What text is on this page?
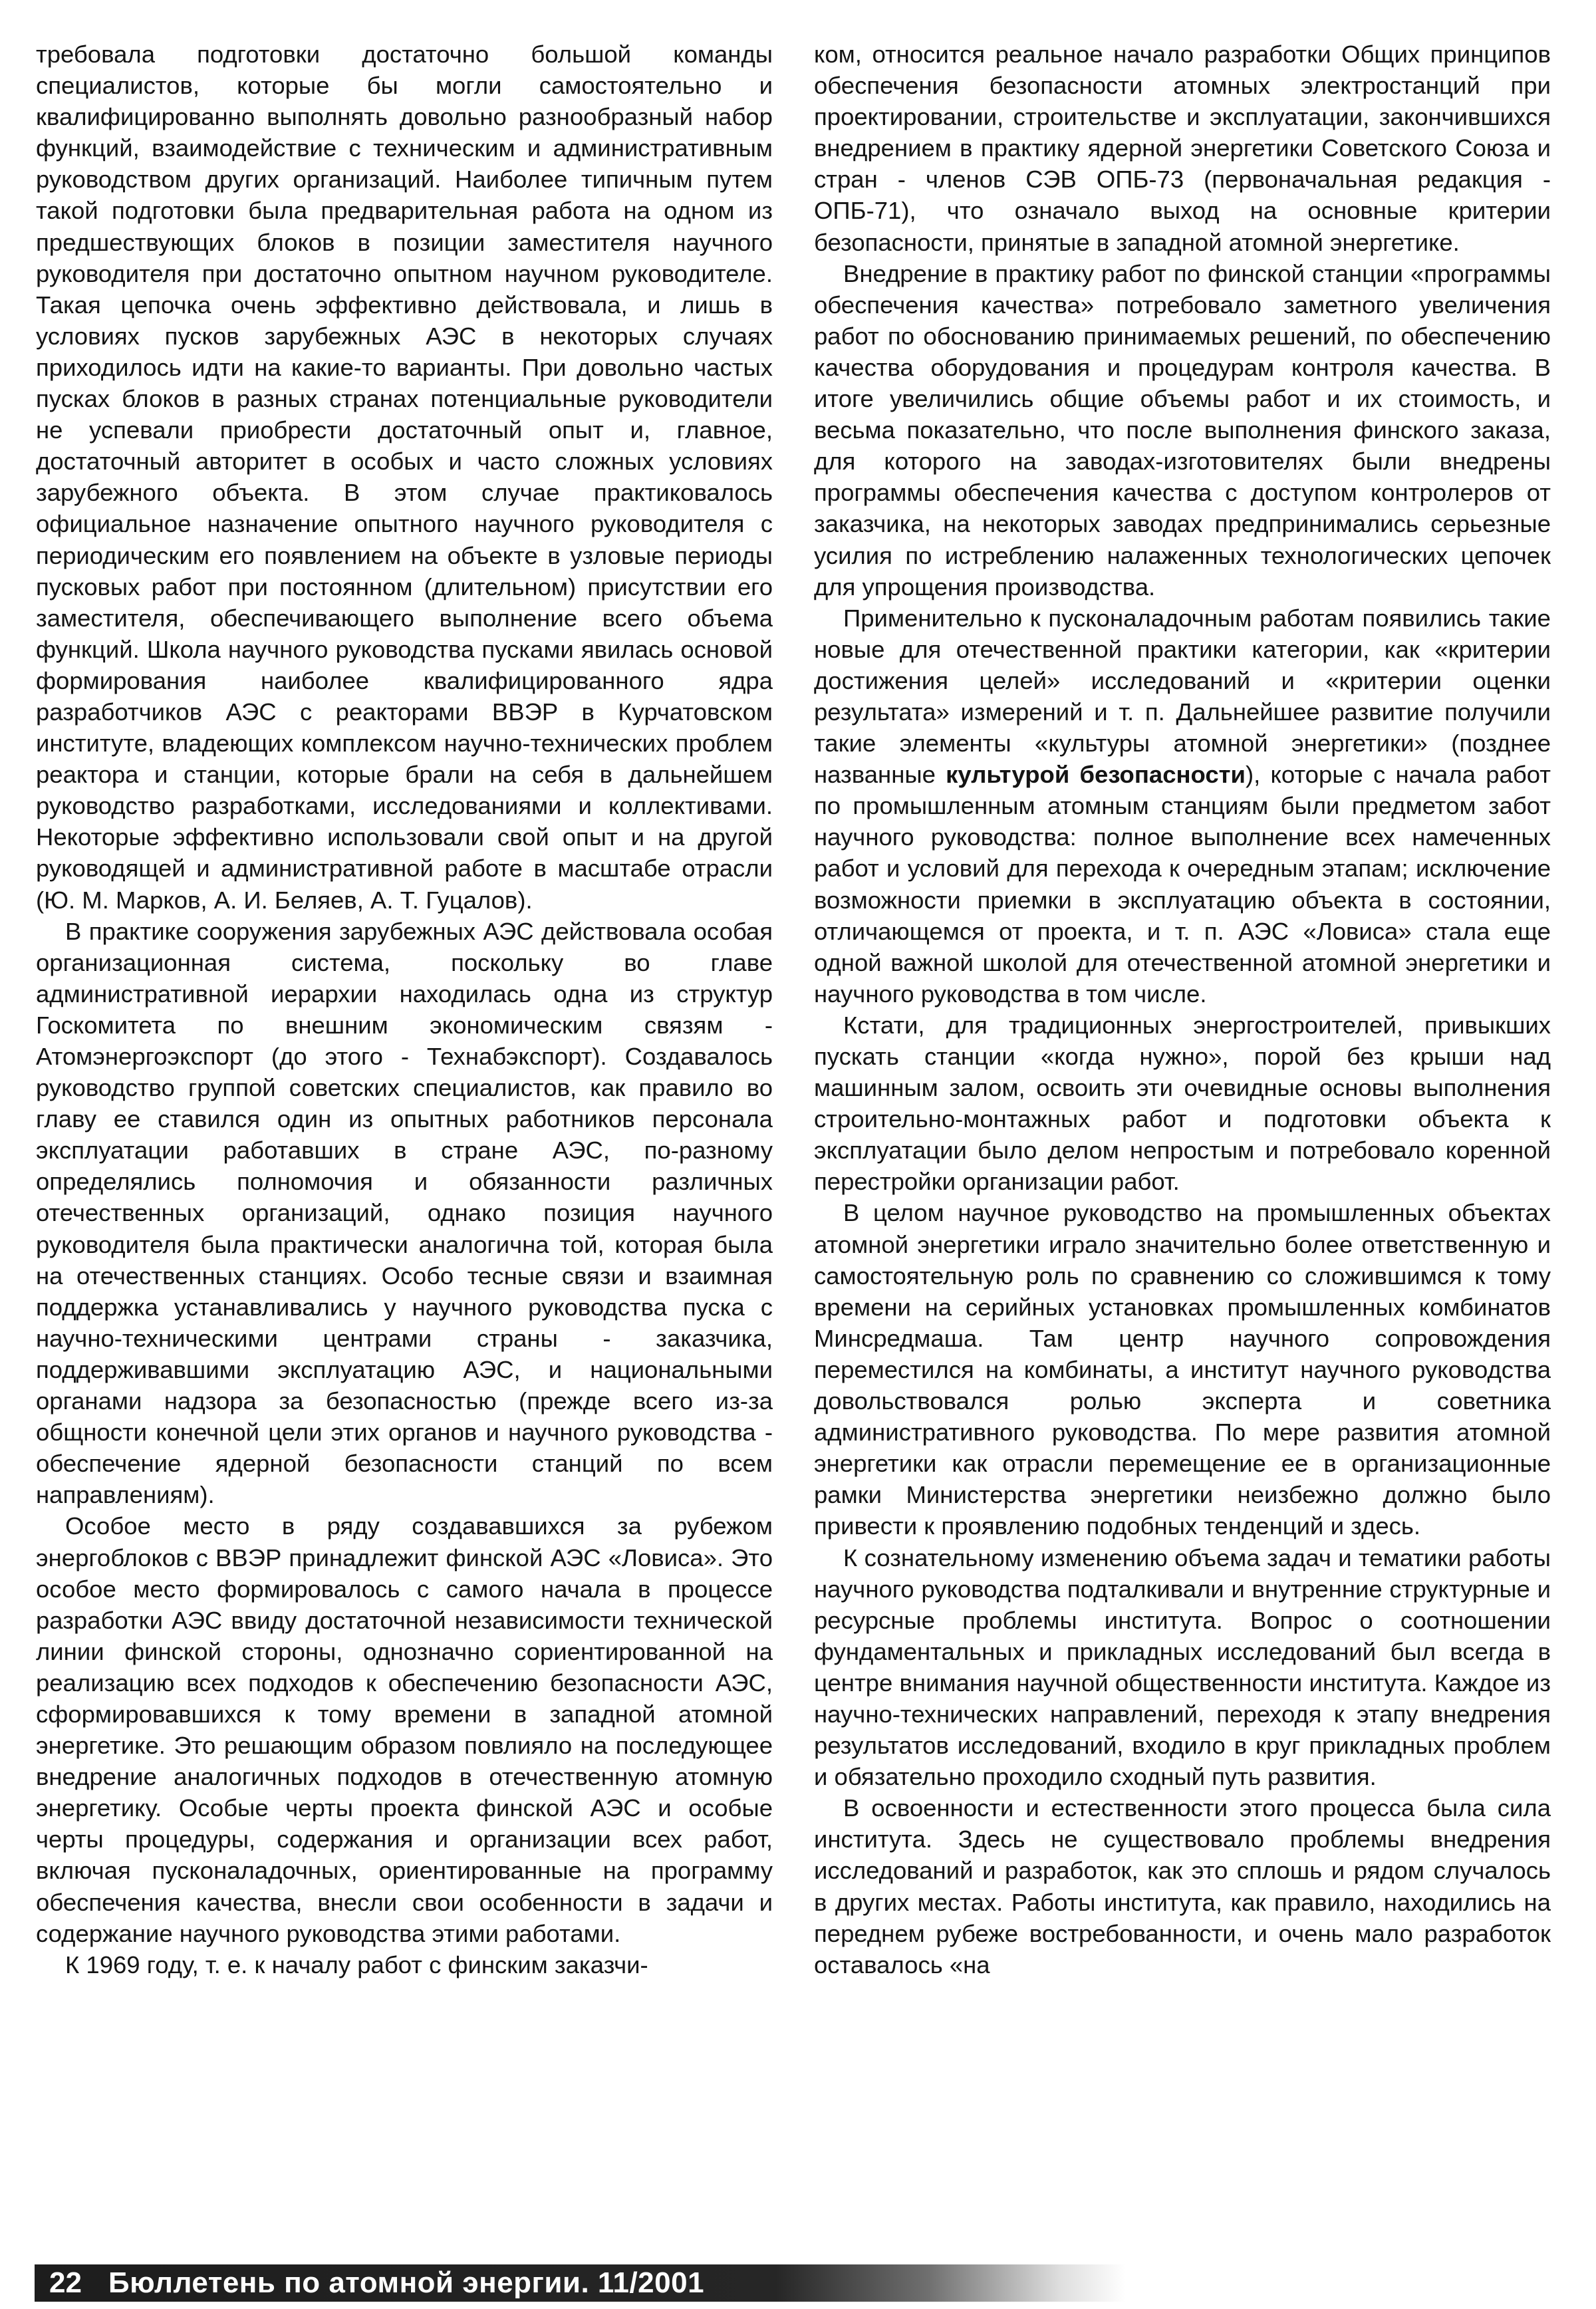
требовала подготовки достаточно большой команды специалистов, которые бы могли самостоятельно и квалифицированно выполнять довольно разнообразный набор функций, взаимодействие с техническим и административным руководством других организаций. Наиболее типичным путем такой подготовки была предварительная работа на одном из предшествующих блоков в позиции заместителя научного руководителя при достаточно опытном научном руководителе. Такая цепочка очень эффективно действовала, и лишь в условиях пусков зарубежных АЭС в некоторых случаях приходилось идти на какие-то варианты. При довольно частых пусках блоков в разных странах потенциальные руководители не успевали приобрести достаточный опыт и, главное, достаточный авторитет в особых и часто сложных условиях зарубежного объекта. В этом случае практиковалось официальное назначение опытного научного руководителя с периодическим его появлением на объекте в узловые периоды пусковых работ при постоянном (длительном) присутствии его заместителя, обеспечивающего выполнение всего объема функций. Школа научного руководства пусками явилась основой формирования наиболее квалифицированного ядра разработчиков АЭС с реакторами ВВЭР в Курчатовском институте, владеющих комплексом научно-технических проблем реактора и станции, которые брали на себя в дальнейшем руководство разработками, исследованиями и коллективами. Некоторые эффективно использовали свой опыт и на другой руководящей и административной работе в масштабе отрасли (Ю. М. Марков, А. И. Беляев, А. Т. Гуцалов).

В практике сооружения зарубежных АЭС действовала особая организационная система, поскольку во главе административной иерархии находилась одна из структур Госкомитета по внешним экономическим связям - Атомэнергоэкспорт (до этого - Технабэкспорт). Создавалось руководство группой советских специалистов, как правило во главу ее ставился один из опытных работников персонала эксплуатации работавших в стране АЭС, по-разному определялись полномочия и обязанности различных отечественных организаций, однако позиция научного руководителя была практически аналогична той, которая была на отечественных станциях. Особо тесные связи и взаимная поддержка устанавливались у научного руководства пуска с научно-техническими центрами страны - заказчика, поддерживавшими эксплуатацию АЭС, и национальными органами надзора за безопасностью (прежде всего из-за общности конечной цели этих органов и научного руководства - обеспечение ядерной безопасности станций по всем направлениям).

Особое место в ряду создававшихся за рубежом энергоблоков с ВВЭР принадлежит финской АЭС «Ловиса». Это особое место формировалось с самого начала в процессе разработки АЭС ввиду достаточной независимости технической линии финской стороны, однозначно сориентированной на реализацию всех подходов к обеспечению безопасности АЭС, сформировавшихся к тому времени в западной атомной энергетике. Это решающим образом повлияло на последующее внедрение аналогичных подходов в отечественную атомную энергетику. Особые черты проекта финской АЭС и особые черты процедуры, содержания и организации всех работ, включая пусконаладочных, ориентированные на программу обеспечения качества, внесли свои особенности в задачи и содержание научного руководства этими работами.

К 1969 году, т. е. к началу работ с финским заказчи-

ком, относится реальное начало разработки Общих принципов обеспечения безопасности атомных электростанций при проектировании, строительстве и эксплуатации, закончившихся внедрением в практику ядерной энергетики Советского Союза и стран - членов СЭВ ОПБ-73 (первоначальная редакция - ОПБ-71), что означало выход на основные критерии безопасности, принятые в западной атомной энергетике.

Внедрение в практику работ по финской станции «программы обеспечения качества» потребовало заметного увеличения работ по обоснованию принимаемых решений, по обеспечению качества оборудования и процедурам контроля качества. В итоге увеличились общие объемы работ и их стоимость, и весьма показательно, что после выполнения финского заказа, для которого на заводах-изготовителях были внедрены программы обеспечения качества с доступом контролеров от заказчика, на некоторых заводах предпринимались серьезные усилия по истреблению налаженных технологических цепочек для упрощения производства.

Применительно к пусконаладочным работам появились такие новые для отечественной практики категории, как «критерии достижения целей» исследований и «критерии оценки результата» измерений и т. п. Дальнейшее развитие получили такие элементы «культуры атомной энергетики» (позднее названные культурой безопасности), которые с начала работ по промышленным атомным станциям были предметом забот научного руководства: полное выполнение всех намеченных работ и условий для перехода к очередным этапам; исключение возможности приемки в эксплуатацию объекта в состоянии, отличающемся от проекта, и т. п. АЭС «Ловиса» стала еще одной важной школой для отечественной атомной энергетики и научного руководства в том числе.

Кстати, для традиционных энергостроителей, привыкших пускать станции «когда нужно», порой без крыши над машинным залом, освоить эти очевидные основы выполнения строительно-монтажных работ и подготовки объекта к эксплуатации было делом непростым и потребовало коренной перестройки организации работ.

В целом научное руководство на промышленных объектах атомной энергетики играло значительно более ответственную и самостоятельную роль по сравнению со сложившимся к тому времени на серийных установках промышленных комбинатов Минсредмаша. Там центр научного сопровождения переместился на комбинаты, а институт научного руководства довольствовался ролью эксперта и советника административного руководства. По мере развития атомной энергетики как отрасли перемещение ее в организационные рамки Министерства энергетики неизбежно должно было привести к проявлению подобных тенденций и здесь.

К сознательному изменению объема задач и тематики работы научного руководства подталкивали и внутренние структурные и ресурсные проблемы института. Вопрос о соотношении фундаментальных и прикладных исследований был всегда в центре внимания научной общественности института. Каждое из научно-технических направлений, переходя к этапу внедрения результатов исследований, входило в круг прикладных проблем и обязательно проходило сходный путь развития.

В освоенности и естественности этого процесса была сила института. Здесь не существовало проблемы внедрения исследований и разработок, как это сплошь и рядом случалось в других местах. Работы института, как правило, находились на переднем рубеже востребованности, и очень мало разработок оставалось «на

22 Бюллетень по атомной энергии. 11/2001
